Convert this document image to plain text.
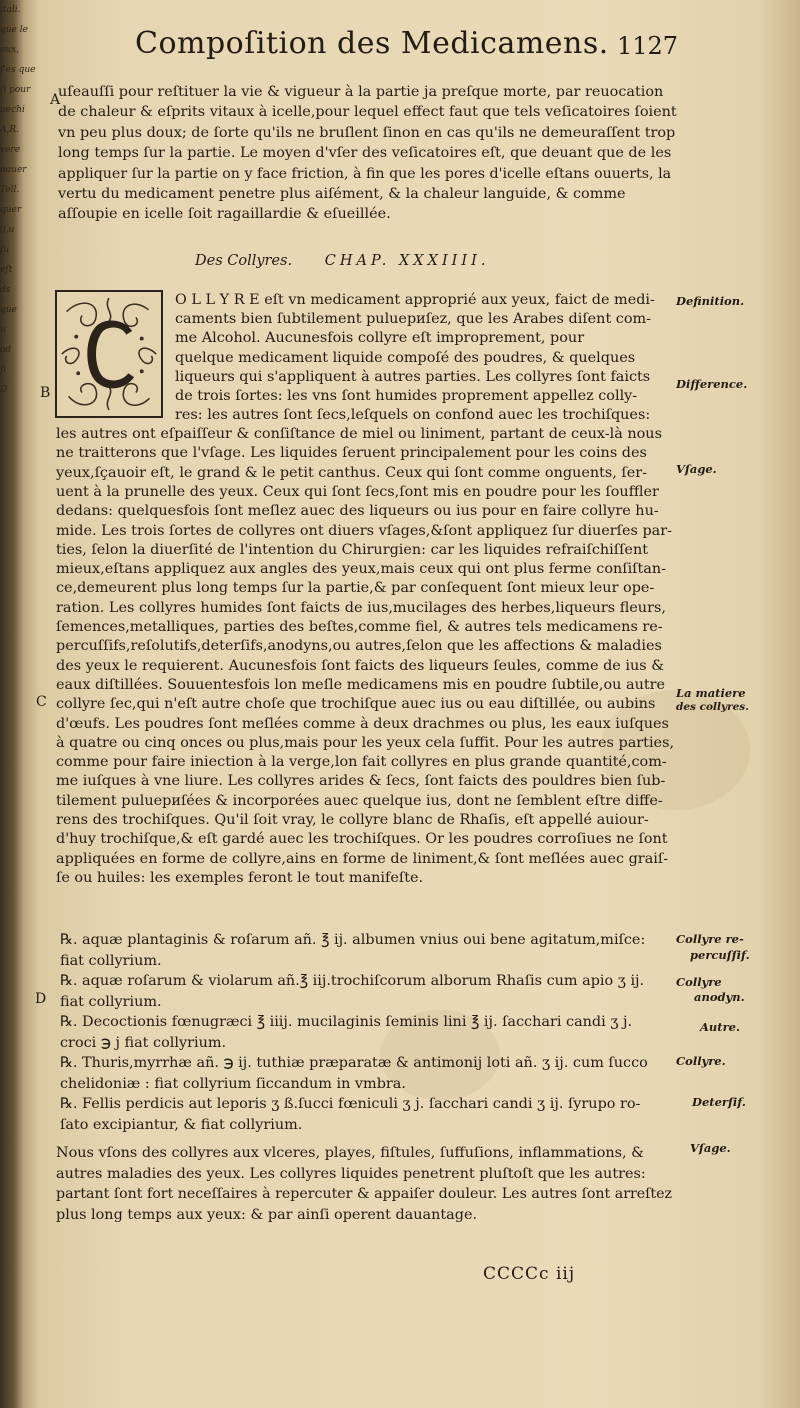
itali.
que le
eux,
ſ'es que
ſi pour
uechi
A,R.
vere
nauer
Tell.
quer
ij,u
ſu
eſt
ds
que
u
od
fi
D
Compoſition des Medicamens. 1127
Des Collyres. CHAP. XXXIIII.
A
B
C
D
Definition.
Difference.
Vſage.
La matiere
des collyres.
Collyre re-
percuſſif.
Collyre
anodyn.
Autre.
Collyre.
Deterſif.
Vſage.
CCCCc iij
uſeauſſi pour reſtituer la vie & vigueur à la partie ja preſque morte, par reuocation
de chaleur & eſprits vitaux à icelle,pour lequel effect faut que tels veſicatoires ſoient
vn peu plus doux; de ſorte qu'ils ne bruſlent ſinon en cas qu'ils ne demeuraſſent trop
long temps ſur la partie. Le moyen d'vſer des veſicatoires eſt, que deuant que de les
appliquer ſur la partie on y face friction, à fin que les pores d'icelle eſtans ouuerts, la
vertu du medicament penetre plus aiſément, & la chaleur languide, & comme
aſſoupie en icelle ſoit ragaillardie & eſueillée.
O L L Y R E eſt vn medicament approprié aux yeux, faict de medi-
caments bien ſubtilement puluериſez, que les Arabes diſent com-
me Alcohol. Aucunesfois collyre eſt improprement, pour
quelque medicament liquide compoſé des poudres, & quelques
liqueurs qui s'appliquent à autres parties. Les collyres ſont faicts
de trois ſortes: les vns ſont humides proprement appellez colly-
res: les autres ſont ſecs,leſquels on confond auec les trochiſques:
les autres ont eſpaiſſeur & conſiſtance de miel ou liniment, partant de ceux-là nous
ne traitterons que l'vſage. Les liquides ſeruent principalement pour les coins des
yeux,ſçauoir eſt, le grand & le petit canthus. Ceux qui ſont comme onguents, ſer-
uent à la prunelle des yeux. Ceux qui ſont ſecs,ſont mis en poudre pour les ſouffler
dedans: quelquesfois ſont meſlez auec des liqueurs ou ius pour en faire collyre hu-
mide. Les trois ſortes de collyres ont diuers vſages,&ſont appliquez ſur diuerſes par-
ties, ſelon la diuerſité de l'intention du Chirurgien: car les liquides refraiſchiſſent
mieux,eſtans appliquez aux angles des yeux,mais ceux qui ont plus ferme conſiſtan-
ce,demeurent plus long temps ſur la partie,& par conſequent ſont mieux leur ope-
ration. Les collyres humides ſont faicts de ius,mucilages des herbes,liqueurs fleurs,
ſemences,metalliques, parties des beſtes,comme fiel, & autres tels medicamens re-
percuſſifs,reſolutifs,deterſifs,anodyns,ou autres,ſelon que les affections & maladies
des yeux le requierent. Aucunesfois ſont faicts des liqueurs ſeules, comme de ius &
eaux diſtillées. Souuentesfois lon meſle medicamens mis en poudre ſubtile,ou autre
collyre ſec,qui n'eſt autre choſe que trochiſque auec ius ou eau diſtillée, ou aubins
d'œufs. Les poudres ſont meſlées comme à deux drachmes ou plus, les eaux iuſques
à quatre ou cinq onces ou plus,mais pour les yeux cela ſuffit. Pour les autres parties,
comme pour faire iniection à la verge,lon fait collyres en plus grande quantité,com-
me iuſques à vne liure. Les collyres arides & ſecs, ſont faicts des pouldres bien ſub-
tilement puluериſées & incorporées auec quelque ius, dont ne ſemblent eſtre diffe-
rens des trochiſques. Qu'il ſoit vray, le collyre blanc de Rhaſis, eſt appellé auiour-
d'huy trochiſque,& eſt gardé auec les trochiſques. Or les poudres corroſiues ne ſont
appliquées en forme de collyre,ains en forme de liniment,& ſont meſlées auec graiſ-
ſe ou huiles: les exemples feront le tout manifeſte.
℞. aquæ plantaginis & roſarum añ. ℥ ij. albumen vnius oui bene agitatum,miſce:
fiat collyrium.
℞. aquæ roſarum & violarum añ.℥ iij.trochiſcorum alborum Rhaſis cum apio ʒ ij.
fiat collyrium.
℞. Decoctionis fœnugræci ℥ iiij. mucilaginis ſeminis lini ℥ ij. ſacchari candi ʒ j.
croci ℈ j fiat collyrium.
℞. Thuris,myrrhæ añ. ℈ ij. tuthiæ præparatæ & antimonij loti añ. ʒ ij. cum ſucco
chelidoniæ : fiat collyrium ſiccandum in vmbra.
℞. Fellis perdicis aut leporis ʒ ß.ſucci fœniculi ʒ j. ſacchari candi ʒ ij. ſyrupo ro-
ſato excipiantur, & fiat collyrium.
Nous vſons des collyres aux vlceres, playes, fiſtules, ſuffuſions, inflammations, &
autres maladies des yeux. Les collyres liquides penetrent pluſtoſt que les autres:
partant ſont fort neceſſaires à repercuter & appaiſer douleur. Les autres ſont arreſtez
plus long temps aux yeux: & par ainſi operent dauantage.
